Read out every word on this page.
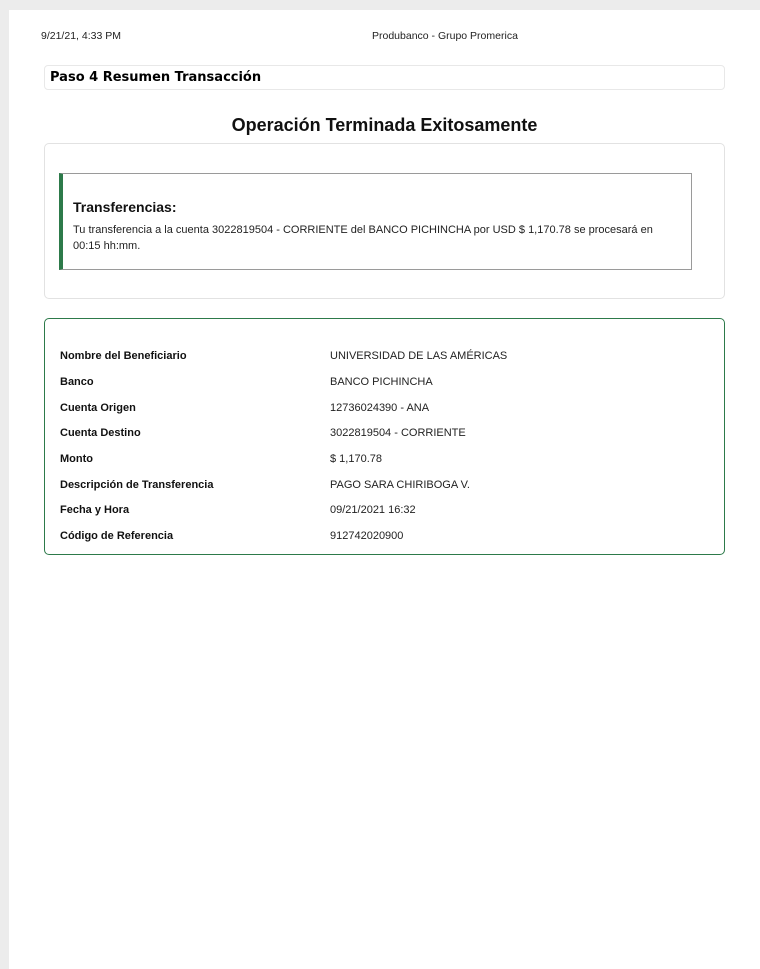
9/21/21, 4:33 PM	Produbanco - Grupo Promerica
Paso 4 Resumen Transacción
Operación Terminada Exitosamente
Transferencias:
Tu transferencia a la cuenta 3022819504 - CORRIENTE del BANCO PICHINCHA por USD $ 1,170.78 se procesará en 00:15 hh:mm.
Nombre del Beneficiario	UNIVERSIDAD DE LAS AMÉRICAS
Banco	BANCO PICHINCHA
Cuenta Origen	12736024390 - ANA
Cuenta Destino	3022819504 - CORRIENTE
Monto	$ 1,170.78
Descripción de Transferencia	PAGO SARA CHIRIBOGA V.
Fecha y Hora	09/21/2021 16:32
Código de Referencia	912742020900
